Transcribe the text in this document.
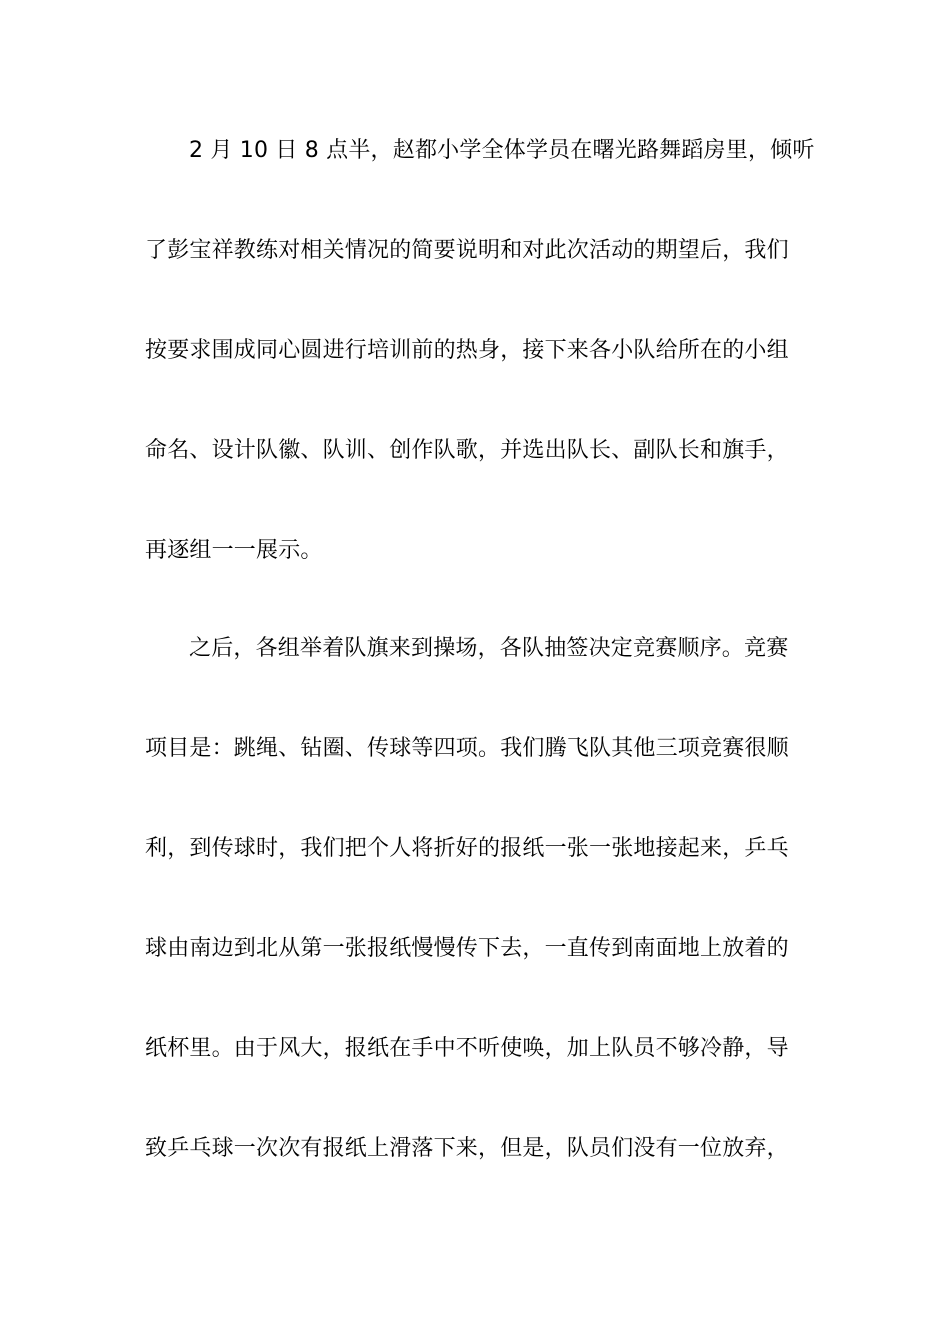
2 月 10 日 8 点半，赵都小学全体学员在曙光路舞蹈房里，倾听
了彭宝祥教练对相关情况的简要说明和对此次活动的期望后，我们
按要求围成同心圆进行培训前的热身，接下来各小队给所在的小组
命名、设计队徽、队训、创作队歌，并选出队长、副队长和旗手，
再逐组一一展示。
之后，各组举着队旗来到操场，各队抽签决定竞赛顺序。竞赛
项目是：跳绳、钻圈、传球等四项。我们腾飞队其他三项竞赛很顺
利，到传球时，我们把个人将折好的报纸一张一张地接起来，乒乓
球由南边到北从第一张报纸慢慢传下去，一直传到南面地上放着的
纸杯里。由于风大，报纸在手中不听使唤，加上队员不够冷静，导
致乒乓球一次次有报纸上滑落下来，但是，队员们没有一位放弃，
